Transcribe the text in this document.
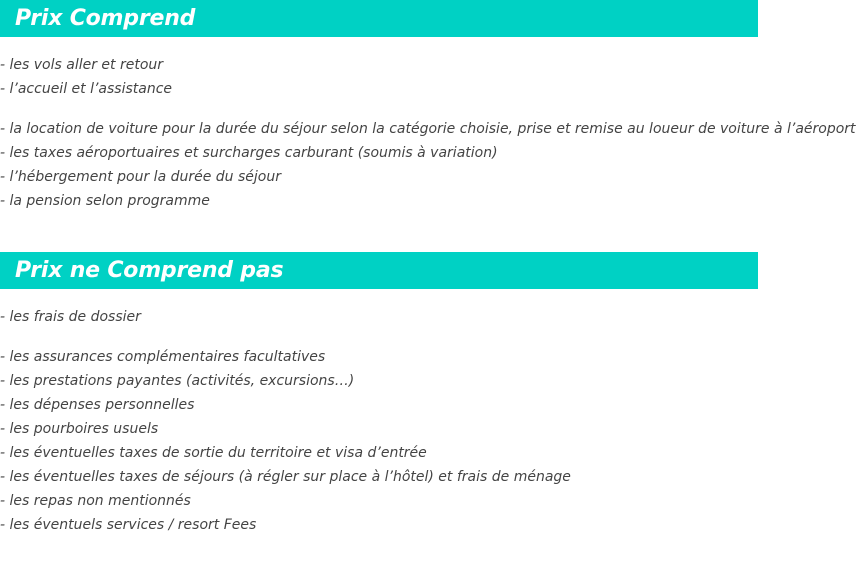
Prix Comprend
- les vols aller et retour
- l’accueil et l’assistance
- la location de voiture pour la durée du séjour selon la catégorie choisie, prise et remise au loueur de voiture à l’aéroport
- les taxes aéroportuaires et surcharges carburant (soumis à variation)
- l’hébergement pour la durée du séjour
- la pension selon programme
Prix ne Comprend pas
- les frais de dossier
- les assurances complémentaires facultatives
- les prestations payantes (activités, excursions…)
- les dépenses personnelles
- les pourboires usuels
- les éventuelles taxes de sortie du territoire et visa d’entrée
- les éventuelles taxes de séjours (à régler sur place à l’hôtel) et frais de ménage
- les repas non mentionnés
- les éventuels services / resort Fees
